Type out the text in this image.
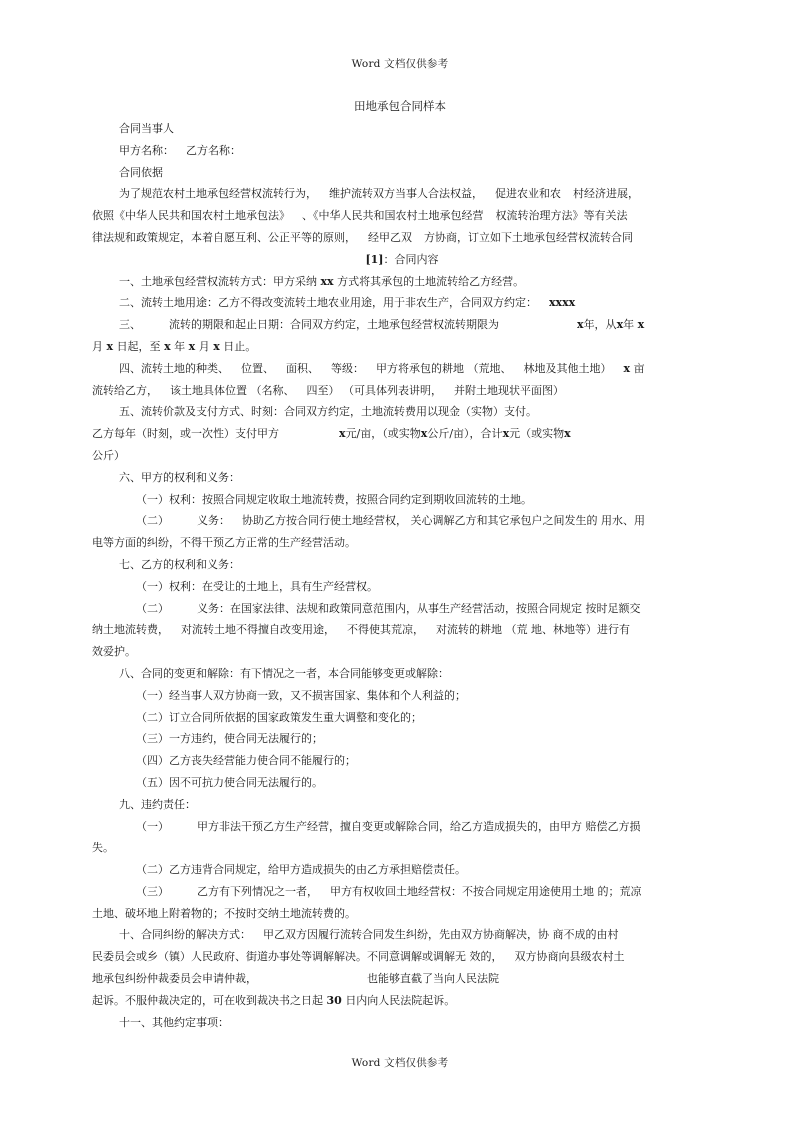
Word 文档仅供参考
田地承包合同样本

合同当事人

甲方名称： 乙方名称：

合同依据

为了规范农村土地承包经营权流转行为， 维护流转双方当事人合法权益， 促进农业和农 村经济进展，

依照《中华人民共和国农村土地承包法》 、《中华人民共和国农村土地承包经营 权流转治理方法》等有关法

律法规和政策规定，本着自愿互利、公正平等的原则， 经甲乙双 方协商，订立如下土地承包经营权流转合同

[1]：合同内容

一、土地承包经营权流转方式：甲方采纳 xx 方式将其承包的土地流转给乙方经营。

二、流转土地用途：乙方不得改变流转土地农业用途，用于非农生产，合同双方约定： xxxx

三、	流转的期限和起止日期：合同双方约定，土地承包经营权流转期限为	x年，从x年 x

月 x 日起，至 x 年 x 月 x 日止。

四、流转土地的种类、 位置、 面积、 等级： 甲方将承包的耕地 （荒地、 林地及其他土地） x 亩

流转给乙方， 该土地具体位置 （名称、 四至） （可具体列表讲明， 并附土地现状平面图）

五、流转价款及支付方式、时刻：合同双方约定，土地流转费用以现金（实物）支付。

乙方每年（时刻，或一次性）支付甲方	x元/亩，（或实物x公斤/亩），合计x元（或实物x

公斤）

六、甲方的权利和义务：

（一）权利：按照合同规定收取土地流转费，按照合同约定到期收回流转的土地。

（二）	义务： 协助乙方按合同行使土地经营权， 关心调解乙方和其它承包户之间发生的 用水、用

电等方面的纠纷，不得干预乙方正常的生产经营活动。

七、乙方的权利和义务：

（一）权利：在受让的土地上，具有生产经营权。

（二）	义务：在国家法律、法规和政策同意范围内，从事生产经营活动，按照合同规定 按时足额交

纳土地流转费， 对流转土地不得擅自改变用途， 不得使其荒凉， 对流转的耕地 （荒 地、林地等）进行有

效爱护。

八、合同的变更和解除：有下情况之一者，本合同能够变更或解除：

（一）经当事人双方协商一致，又不损害国家、集体和个人利益的；

（二）订立合同所依据的国家政策发生重大调整和变化的；

（三）一方违约，使合同无法履行的；

（四）乙方丧失经营能力使合同不能履行的；

（五）因不可抗力使合同无法履行的。

九、违约责任：

（一）	甲方非法干预乙方生产经营，擅自变更或解除合同，给乙方造成损失的，由甲方 赔偿乙方损

失。

（二）乙方违背合同规定，给甲方造成损失的由乙方承担赔偿责任。

（三）	乙方有下列情况之一者， 甲方有权收回土地经营权：不按合同规定用途使用土地 的；荒凉

土地、破坏地上附着物的；不按时交纳土地流转费的。

十、合同纠纷的解决方式： 甲乙双方因履行流转合同发生纠纷，先由双方协商解决，协 商不成的由村

民委员会或乡（镇）人民政府、街道办事处等调解解决。不同意调解或调解无 效的， 双方协商向县级农村土

地承包纠纷仲裁委员会申请仲裁，	也能够直截了当向人民法院

起诉。不服仲裁决定的，可在收到裁决书之日起 30 日内向人民法院起诉。

十一、其他约定事项：

Word 文档仅供参考
